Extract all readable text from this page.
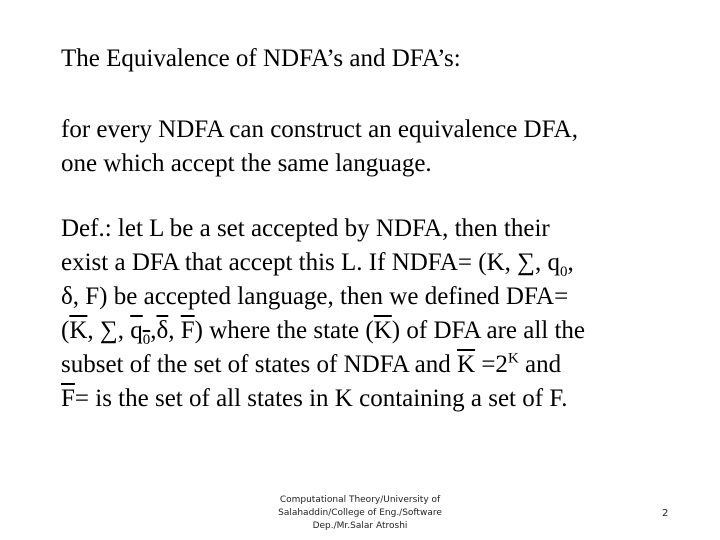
The Equivalence of NDFA’s and DFA’s:
for every NDFA can construct an equivalence DFA,
one which accept the same language.
Def.: let L be a set accepted by NDFA, then their
exist a DFA that accept this L. If NDFA= (K, ∑, $q_0$,
δ, F) be accepted language, then we defined DFA=
($\overline{K}$, ∑, $q_0,\overline{\delta}$, $\overline{F}$) where the state $(\overline{K})$ of DFA are all the
subset of the set of states of NDFA and $\overline{K} =2^K$ and
$\overline{F}=$ is the set of all states in K containing a set of F.
Computational Theory/University of
Salahaddin/College of Eng./Software
Dep./Mr.Salar Atroshi
2
